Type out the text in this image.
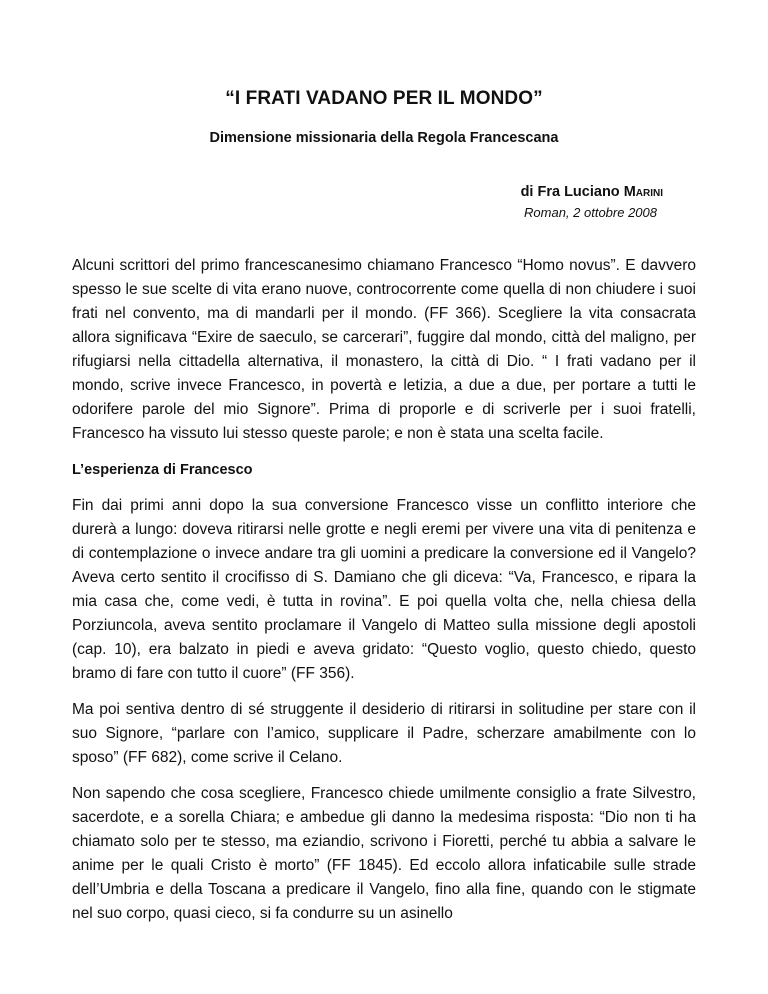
“I FRATI VADANO PER IL MONDO”
Dimensione missionaria della Regola Francescana
di Fra Luciano Marini
Roman, 2 ottobre 2008

Alcuni scrittori del primo francescanesimo chiamano Francesco “Homo novus”. E davvero spesso le sue scelte di vita erano nuove, controcorrente come quella di non chiudere i suoi frati nel convento, ma di mandarli per il mondo. (FF 366). Scegliere la vita consacrata allora significava “Exire de saeculo, se carcerari”, fuggire dal mondo, città del maligno, per rifugiarsi nella cittadella alternativa, il monastero, la città di Dio. “ I frati vadano per il mondo, scrive invece Francesco, in povertà e letizia, a due a due, per portare a tutti le odorifere parole del mio Signore”. Prima di proporle e di scriverle per i suoi fratelli, Francesco ha vissuto lui stesso queste parole; e non è stata una scelta facile.

L’esperienza di Francesco

Fin dai primi anni dopo la sua conversione Francesco visse un conflitto interiore che durerà a lungo: doveva ritirarsi nelle grotte e negli eremi per vivere una vita di penitenza e di contemplazione o invece andare tra gli uomini a predicare la conversione ed il Vangelo? Aveva certo sentito il crocifisso di S. Damiano che gli diceva: “Va, Francesco, e ripara la mia casa che, come vedi, è tutta in rovina”. E poi quella volta che, nella chiesa della Porziuncola, aveva sentito proclamare il Vangelo di Matteo sulla missione degli apostoli (cap. 10), era balzato in piedi e aveva gridato: “Questo voglio, questo chiedo, questo bramo di fare con tutto il cuore” (FF 356).

Ma poi sentiva dentro di sé struggente il desiderio di ritirarsi in solitudine per stare con il suo Signore, “parlare con l’amico, supplicare il Padre, scherzare amabilmente con lo sposo” (FF 682), come scrive il Celano.

Non sapendo che cosa scegliere, Francesco chiede umilmente consiglio a frate Silvestro, sacerdote, e a sorella Chiara; e ambedue gli danno la medesima risposta: “Dio non ti ha chiamato solo per te stesso, ma eziandio, scrivono i Fioretti, perché tu abbia a salvare le anime per le quali Cristo è morto” (FF 1845). Ed eccolo allora infaticabile sulle strade dell’Umbria e della Toscana a predicare il Vangelo, fino alla fine, quando con le stigmate nel suo corpo, quasi cieco, si fa condurre su un asinello
